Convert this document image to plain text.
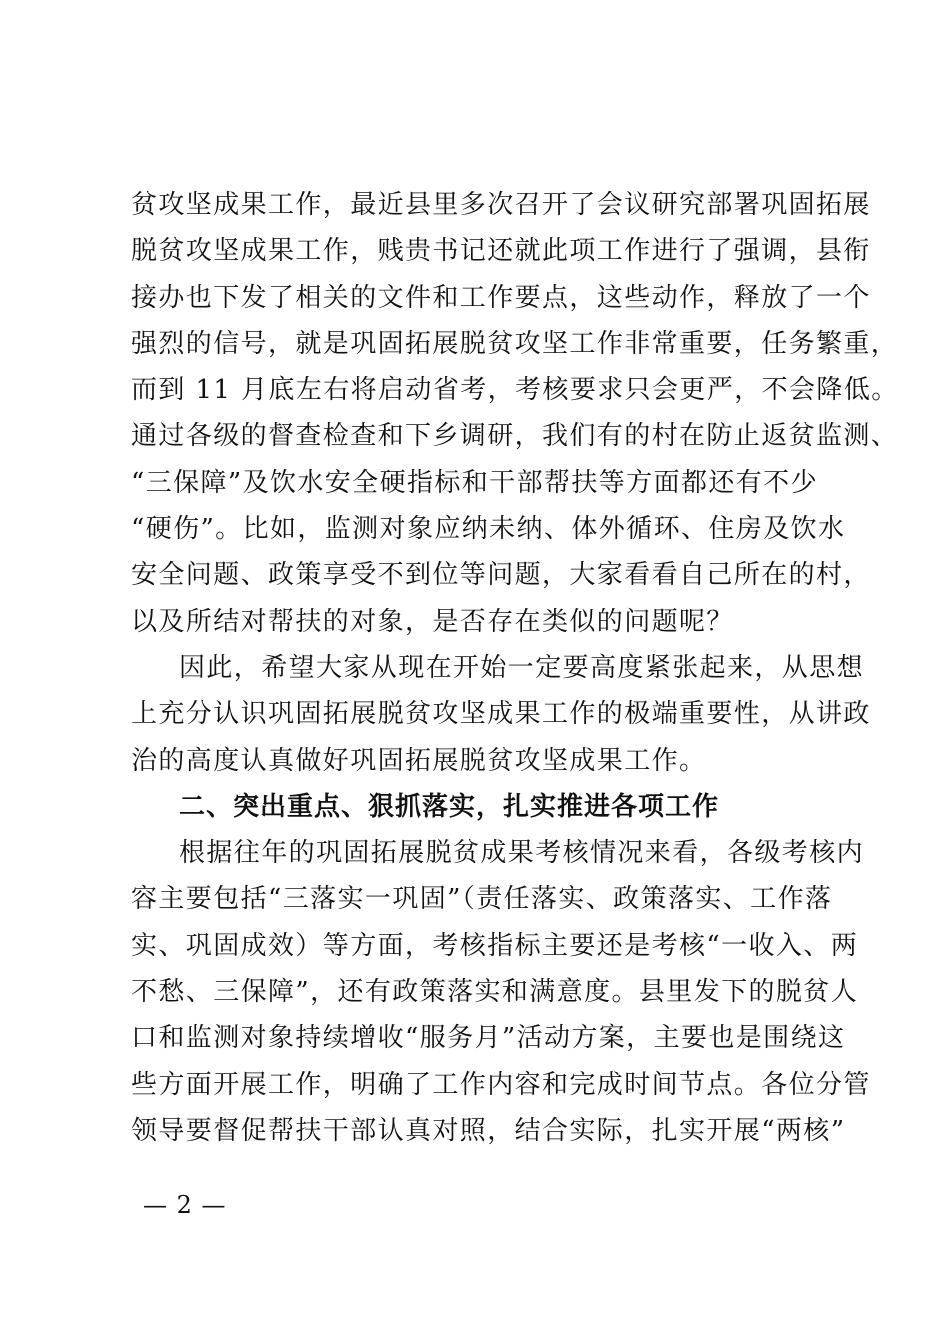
贫攻坚成果工作，最近县里多次召开了会议研究部署巩固拓展
脱贫攻坚成果工作，贱贵书记还就此项工作进行了强调，县衔
接办也下发了相关的文件和工作要点，这些动作，释放了一个
强烈的信号，就是巩固拓展脱贫攻坚工作非常重要，任务繁重，
而到 11 月底左右将启动省考，考核要求只会更严，不会降低。
通过各级的督查检查和下乡调研，我们有的村在防止返贫监测、
“三保障”及饮水安全硬指标和干部帮扶等方面都还有不少
“硬伤”。比如，监测对象应纳未纳、体外循环、住房及饮水
安全问题、政策享受不到位等问题，大家看看自己所在的村，
以及所结对帮扶的对象，是否存在类似的问题呢？
因此，希望大家从现在开始一定要高度紧张起来，从思想
上充分认识巩固拓展脱贫攻坚成果工作的极端重要性，从讲政
治的高度认真做好巩固拓展脱贫攻坚成果工作。
二、突出重点、狠抓落实，扎实推进各项工作
根据往年的巩固拓展脱贫成果考核情况来看，各级考核内
容主要包括“三落实一巩固”（责任落实、政策落实、工作落
实、巩固成效）等方面，考核指标主要还是考核“一收入、两
不愁、三保障”，还有政策落实和满意度。县里发下的脱贫人
口和监测对象持续增收“服务月”活动方案，主要也是围绕这
些方面开展工作，明确了工作内容和完成时间节点。各位分管
领导要督促帮扶干部认真对照，结合实际，扎实开展“两核”
— 2 —
